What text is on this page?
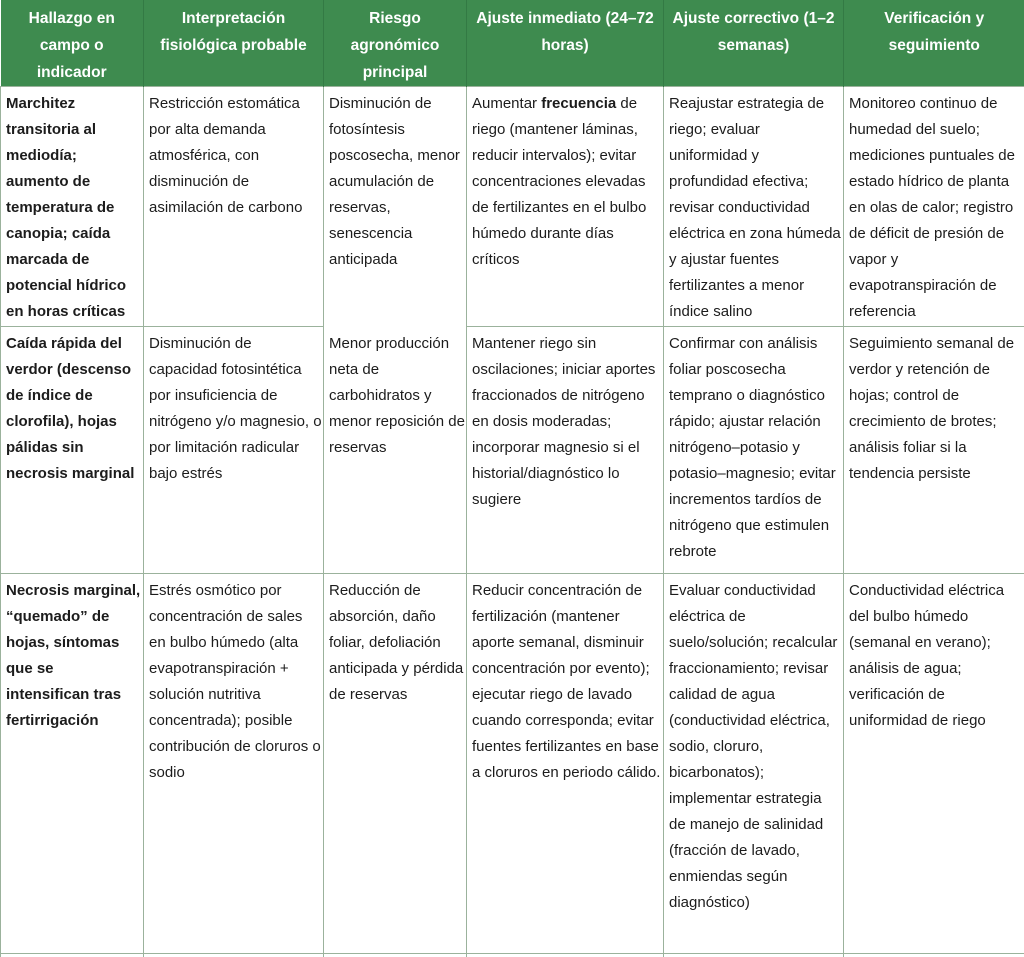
Hallazgo en campo o indicador	Interpretación fisiológica probable	Riesgo agronómico principal	Ajuste inmediato (24–72 horas)	Ajuste correctivo (1–2 semanas)	Verificación y seguimiento
Marchitez transitoria al mediodía; aumento de temperatura de canopia; caída marcada de potencial hídrico en horas críticas	Restricción estomática por alta demanda atmosférica, con disminución de asimilación de carbono	Disminución de fotosíntesis poscosecha, menor acumulación de reservas, senescencia anticipada	Aumentar frecuencia de riego (mantener láminas, reducir intervalos); evitar concentraciones elevadas de fertilizantes en el bulbo húmedo durante días críticos	Reajustar estrategia de riego; evaluar uniformidad y profundidad efectiva; revisar conductividad eléctrica en zona húmeda y ajustar fuentes fertilizantes a menor índice salino	Monitoreo continuo de humedad del suelo; mediciones puntuales de estado hídrico de planta en olas de calor; registro de déficit de presión de vapor y evapotranspiración de referencia
Caída rápida del verdor (descenso de índice de clorofila), hojas pálidas sin necrosis marginal	Disminución de capacidad fotosintética por insuficiencia de nitrógeno y/o magnesio, o por limitación radicular bajo estrés	Menor producción neta de carbohidratos y menor reposición de reservas	Mantener riego sin oscilaciones; iniciar aportes fraccionados de nitrógeno en dosis moderadas; incorporar magnesio si el historial/diagnóstico lo sugiere	Confirmar con análisis foliar poscosecha temprano o diagnóstico rápido; ajustar relación nitrógeno–potasio y potasio–magnesio; evitar incrementos tardíos de nitrógeno que estimulen rebrote	Seguimiento semanal de verdor y retención de hojas; control de crecimiento de brotes; análisis foliar si la tendencia persiste
Necrosis marginal, “quemado” de hojas, síntomas que se intensifican tras fertirrigación	Estrés osmótico por concentración de sales en bulbo húmedo (alta evapotranspiración + solución nutritiva concentrada); posible contribución de cloruros o sodio	Reducción de absorción, daño foliar, defoliación anticipada y pérdida de reservas	Reducir concentración de fertilización (mantener aporte semanal, disminuir concentración por evento); ejecutar riego de lavado cuando corresponda; evitar fuentes fertilizantes en base a cloruros en periodo cálido.	Evaluar conductividad eléctrica de suelo/solución; recalcular fraccionamiento; revisar calidad de agua (conductividad eléctrica, sodio, cloruro, bicarbonatos); implementar estrategia de manejo de salinidad (fracción de lavado, enmiendas según diagnóstico)	Conductividad eléctrica del bulbo húmedo (semanal en verano); análisis de agua; verificación de uniformidad de riego
